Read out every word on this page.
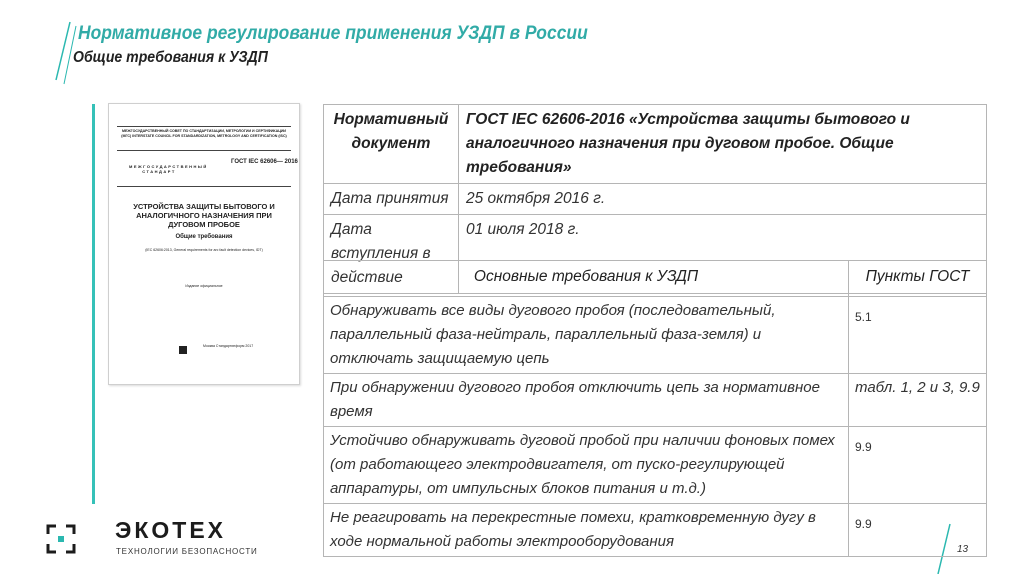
Нормативное регулирование применения УЗДП в России
Общие требования к УЗДП
МЕЖГОСУДАРСТВЕННЫЙ СОВЕТ ПО СТАНДАРТИЗАЦИИ, МЕТРОЛОГИИ И СЕРТИФИКАЦИИ (МГС) INTERSTATE COUNCIL FOR STANDARDIZATION, METROLOGY AND CERTIFICATION (ISC)
МЕЖГОСУДАРСТВЕННЫЙ СТАНДАРТ
ГОСТ IEC 62606— 2016
УСТРОЙСТВА ЗАЩИТЫ БЫТОВОГО И АНАЛОГИЧНОГО НАЗНАЧЕНИЯ ПРИ ДУГОВОМ ПРОБОЕ
Общие требования
(IEC 62606:2013, General requirements for arc fault detection devices, IDT)
Издание официальное
Москва Стандартинформ 2017
Нормативный документ	ГОСТ IEC 62606-2016 «Устройства защиты бытового и аналогичного назначения при дуговом пробое. Общие требования»
Дата принятия	25 октября 2016 г.
Дата вступления в действие	01 июля 2018 г.
Основные требования к УЗДП	Пункты ГОСТ
Обнаруживать все виды дугового пробоя (последовательный, параллельный фаза-нейтраль, параллельный фаза-земля) и отключать защищаемую цепь	5.1
При обнаружении дугового пробоя отключить цепь за нормативное время	табл. 1, 2 и 3, 9.9
Устойчиво обнаруживать дуговой пробой при наличии фоновых помех (от работающего электродвигателя, от пуско-регулирующей аппаратуры, от импульсных блоков питания и т.д.)	9.9
Не реагировать на перекрестные помехи, кратковременную дугу в ходе нормальной работы электрооборудования	9.9
ЭКОТЕХ
ТЕХНОЛОГИИ БЕЗОПАСНОСТИ	13
